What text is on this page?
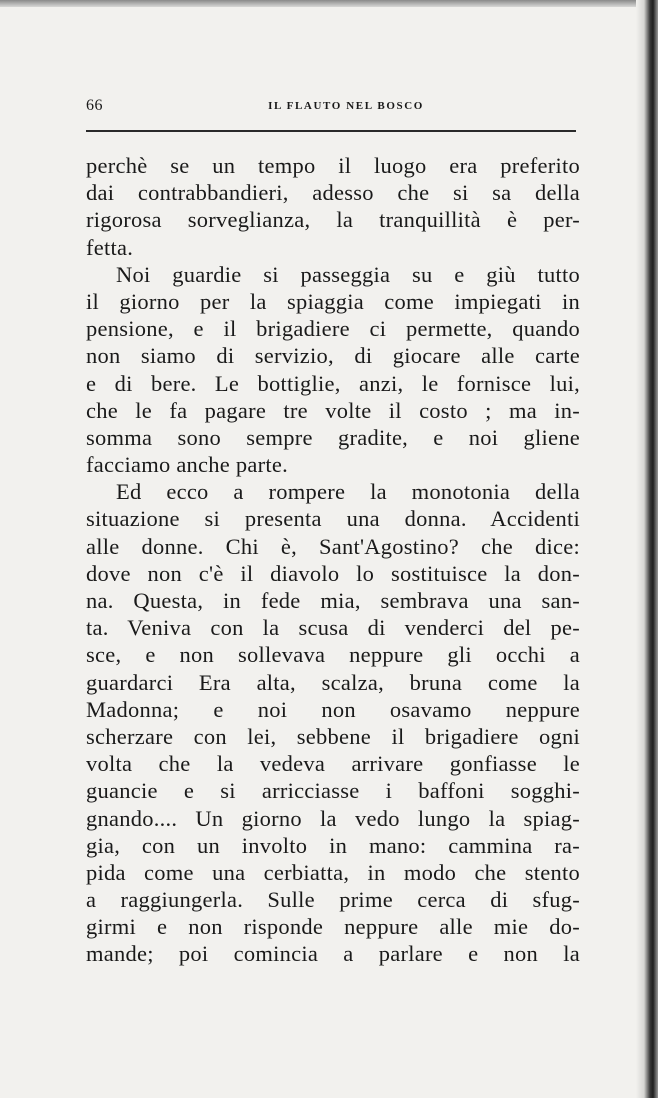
66	IL FLAUTO NEL BOSCO
perchè se un tempo il luogo era preferito
dai contrabbandieri, adesso che si sa della
rigorosa sorveglianza, la tranquillità è per-
fetta.
Noi guardie si passeggia su e giù tutto
il giorno per la spiaggia come impiegati in
pensione, e il brigadiere ci permette, quando
non siamo di servizio, di giocare alle carte
e di bere. Le bottiglie, anzi, le fornisce lui,
che le fa pagare tre volte il costo ; ma in-
somma sono sempre gradite, e noi gliene
facciamo anche parte.
Ed ecco a rompere la monotonia della
situazione si presenta una donna. Accidenti
alle donne. Chi è, Sant'Agostino? che dice:
dove non c'è il diavolo lo sostituisce la don-
na. Questa, in fede mia, sembrava una san-
ta. Veniva con la scusa di venderci del pe-
sce, e non sollevava neppure gli occhi a
guardarci Era alta, scalza, bruna come la
Madonna; e noi non osavamo neppure
scherzare con lei, sebbene il brigadiere ogni
volta che la vedeva arrivare gonfiasse le
guancie e si arricciasse i baffoni sogghi-
gnando.... Un giorno la vedo lungo la spiag-
gia, con un involto in mano: cammina ra-
pida come una cerbiatta, in modo che stento
a raggiungerla. Sulle prime cerca di sfug-
girmi e non risponde neppure alle mie do-
mande; poi comincia a parlare e non la
